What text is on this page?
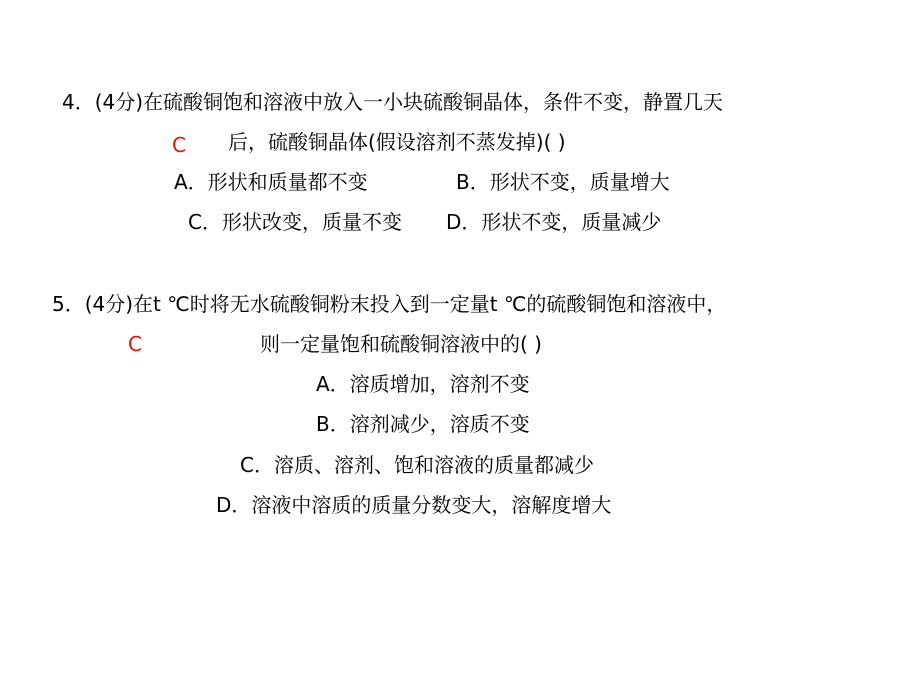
4．(4分)在硫酸铜饱和溶液中放入一小块硫酸铜晶体，条件不变，静置几天
C 后，硫酸铜晶体(假设溶剂不蒸发掉)( )
A．形状和质量都不变	B．形状不变，质量增大
C．形状改变，质量不变 D．形状不变，质量减少
5．(4分)在t ℃时将无水硫酸铜粉末投入到一定量t ℃的硫酸铜饱和溶液中，
C	则一定量饱和硫酸铜溶液中的( )
A．溶质增加，溶剂不变
B．溶剂减少，溶质不变
C．溶质、溶剂、饱和溶液的质量都减少
D．溶液中溶质的质量分数变大，溶解度增大
